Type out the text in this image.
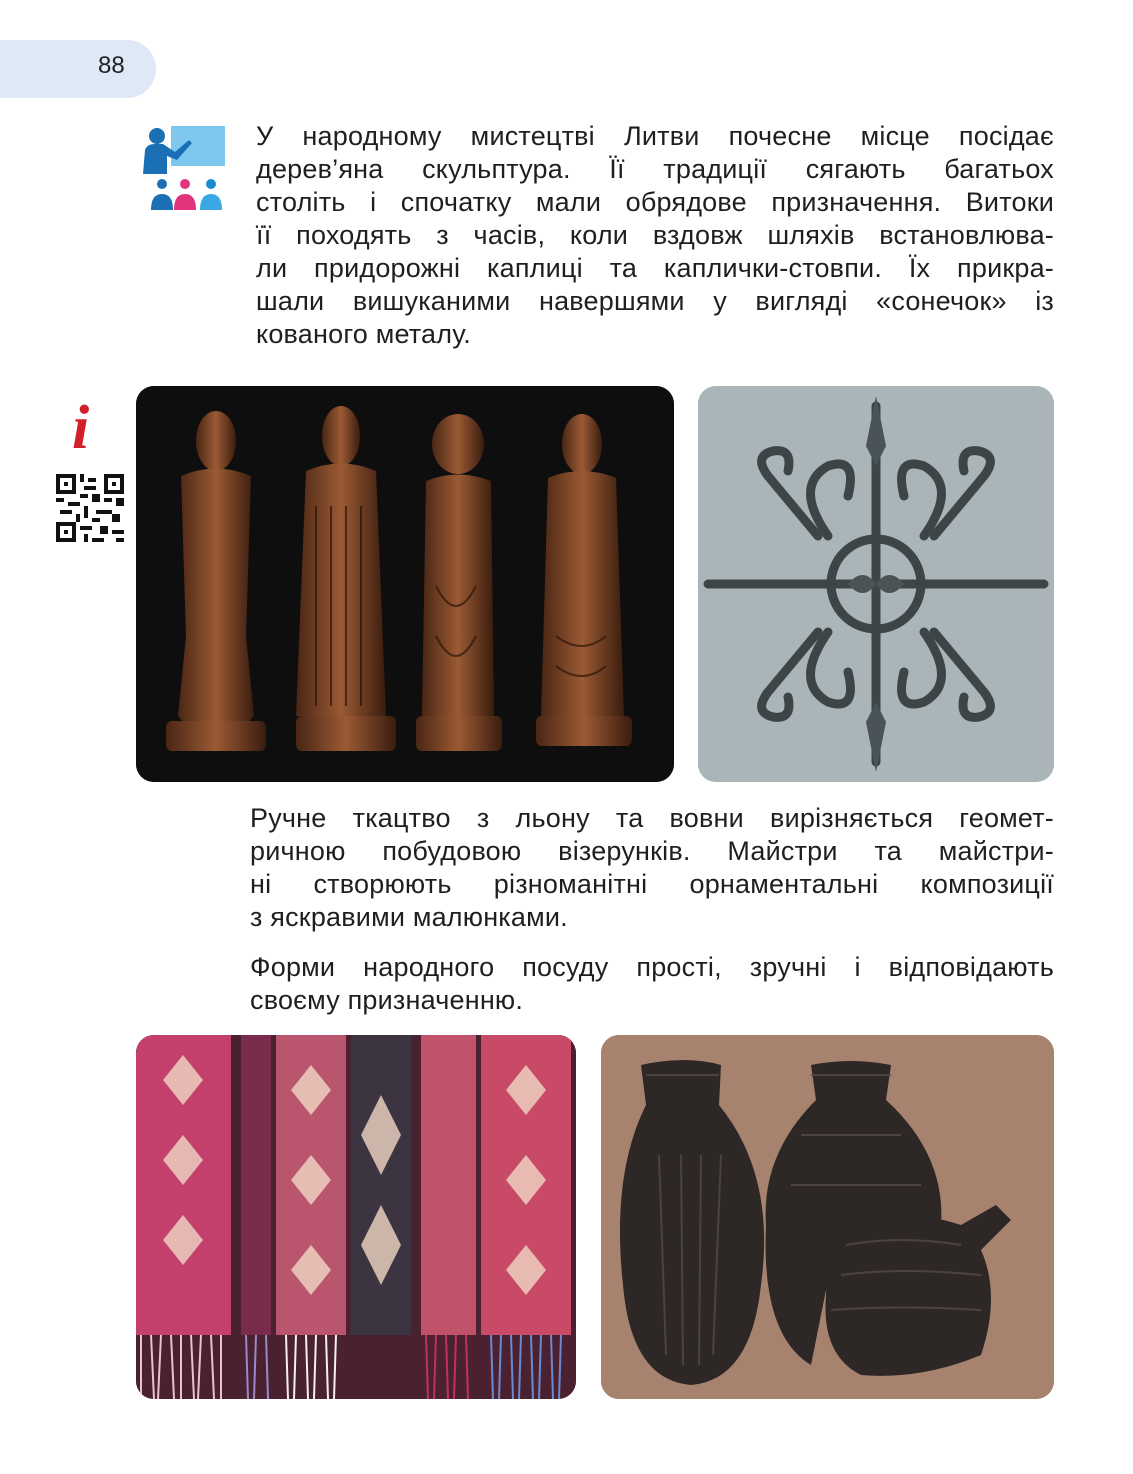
88
У народному мистецтві Литви почесне місце посідає
дерев’яна скульптура. Її традиції сягають багатьох
століть і спочатку мали обрядове призначення. Витоки
її походять з часів, коли вздовж шляхів встановлюва-
ли придорожні каплиці та каплички-стовпи. Їх прикра-
шали вишуканими навершями у вигляді «сонечок» із
кованого металу.
i
Ручне ткацтво з льону та вовни вирізняється геомет-
ричною побудовою візерунків. Майстри та майстри-
ні створюють різноманітні орнаментальні композиції
з яскравими малюнками.
Форми народного посуду прості, зручні і відповідають
своєму призначенню.
